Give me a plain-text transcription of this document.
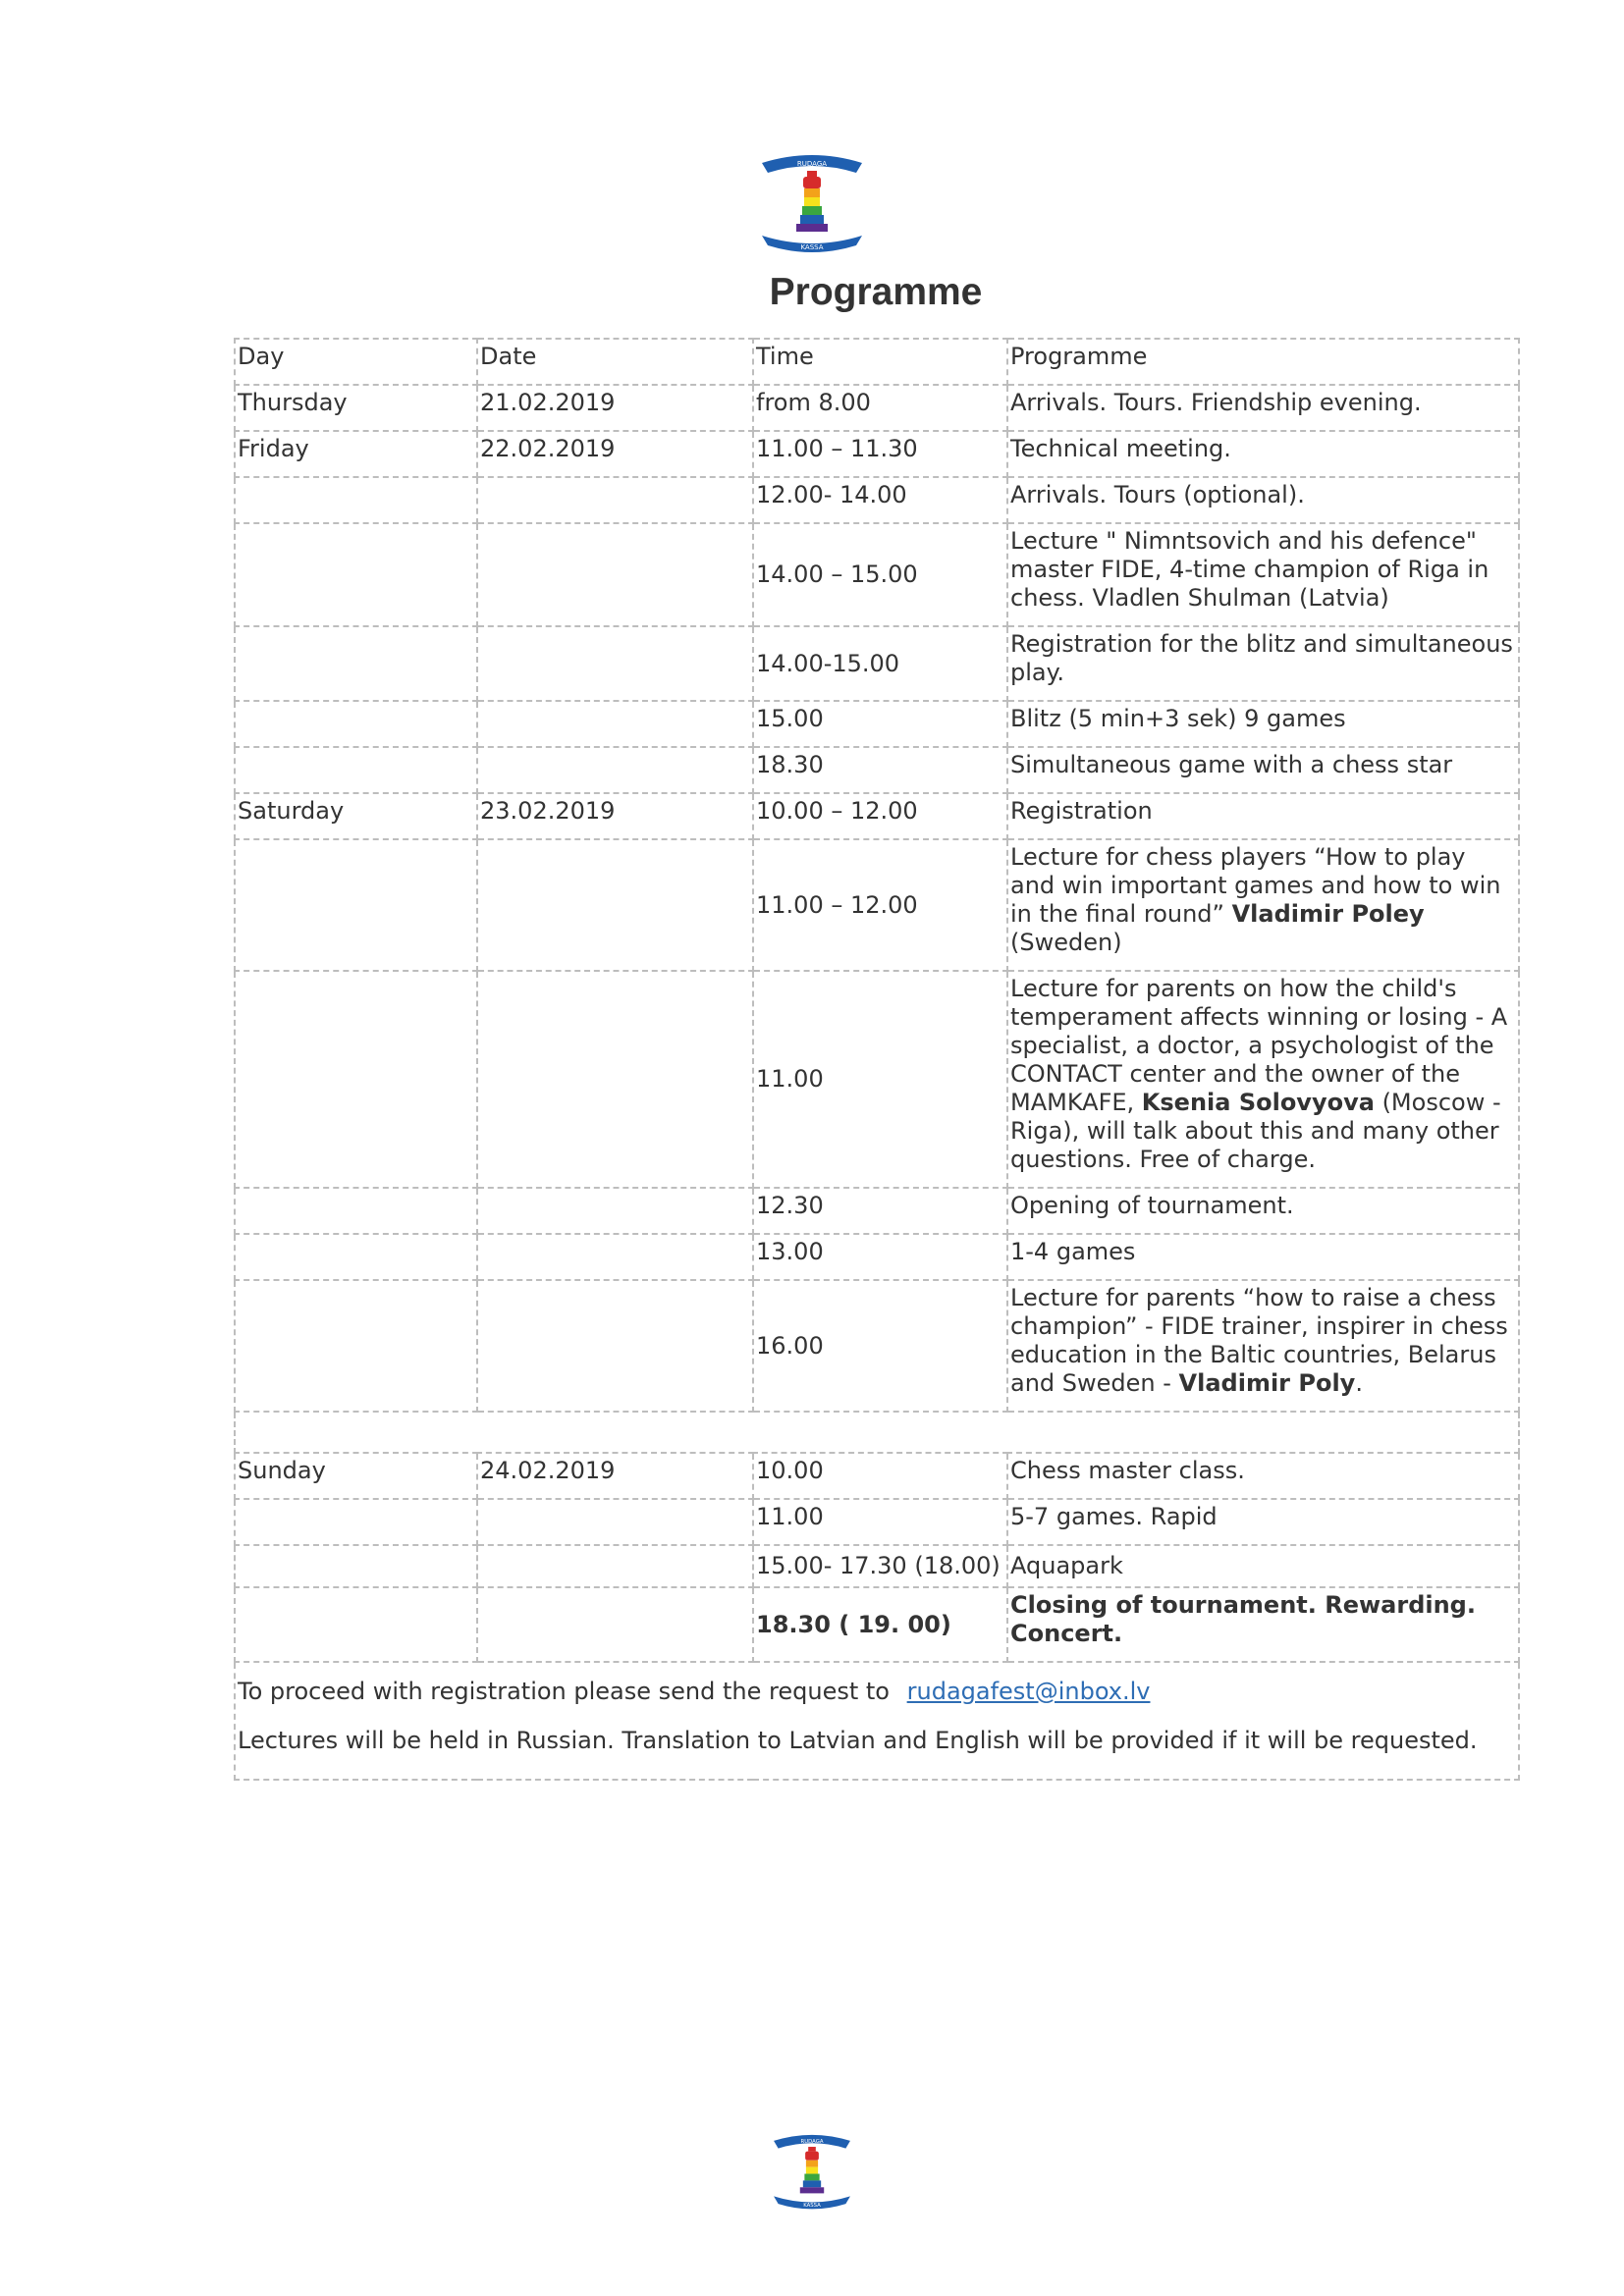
RUDAGA
KASSA
Programme
Day	Date	Time	Programme
Thursday	21.02.2019	from 8.00	Arrivals. Tours. Friendship evening.
Friday	22.02.2019	11.00 – 11.30	Technical meeting.
		12.00- 14.00	Arrivals. Tours (optional).
		14.00 – 15.00	Lecture " Nimntsovich and his defence" master FIDE, 4-time champion of Riga in chess. Vladlen Shulman (Latvia)
		14.00-15.00	Registration for the blitz and simultaneous play.
		15.00	Blitz (5 min+3 sek) 9 games
		18.30	Simultaneous game with a chess star
Saturday	23.02.2019	10.00 – 12.00	Registration
		11.00 – 12.00	Lecture for chess players “How to play and win important games and how to win in the final round” Vladimir Poley (Sweden)
		11.00	Lecture for parents on how the child's temperament affects winning or losing - A specialist, a doctor, a psychologist of the CONTACT center and the owner of the MAMKAFE, Ksenia Solovyova (Moscow - Riga), will talk about this and many other questions. Free of charge.
		12.30	Opening of tournament.
		13.00	1-4 games
		16.00	Lecture for parents “how to raise a chess champion” - FIDE trainer, inspirer in chess education in the Baltic countries, Belarus and Sweden - Vladimir Poly.

Sunday	24.02.2019	10.00	Chess master class.
		11.00	5-7 games. Rapid
		15.00- 17.30 (18.00)	Aquapark
		18.30 ( 19. 00)	Closing of tournament. Rewarding. Concert.

To proceed with registration please send the request to rudagafest@inbox.lv
Lectures will be held in Russian. Translation to Latvian and English will be provided if it will be requested.			
RUDAGA
KASSA
